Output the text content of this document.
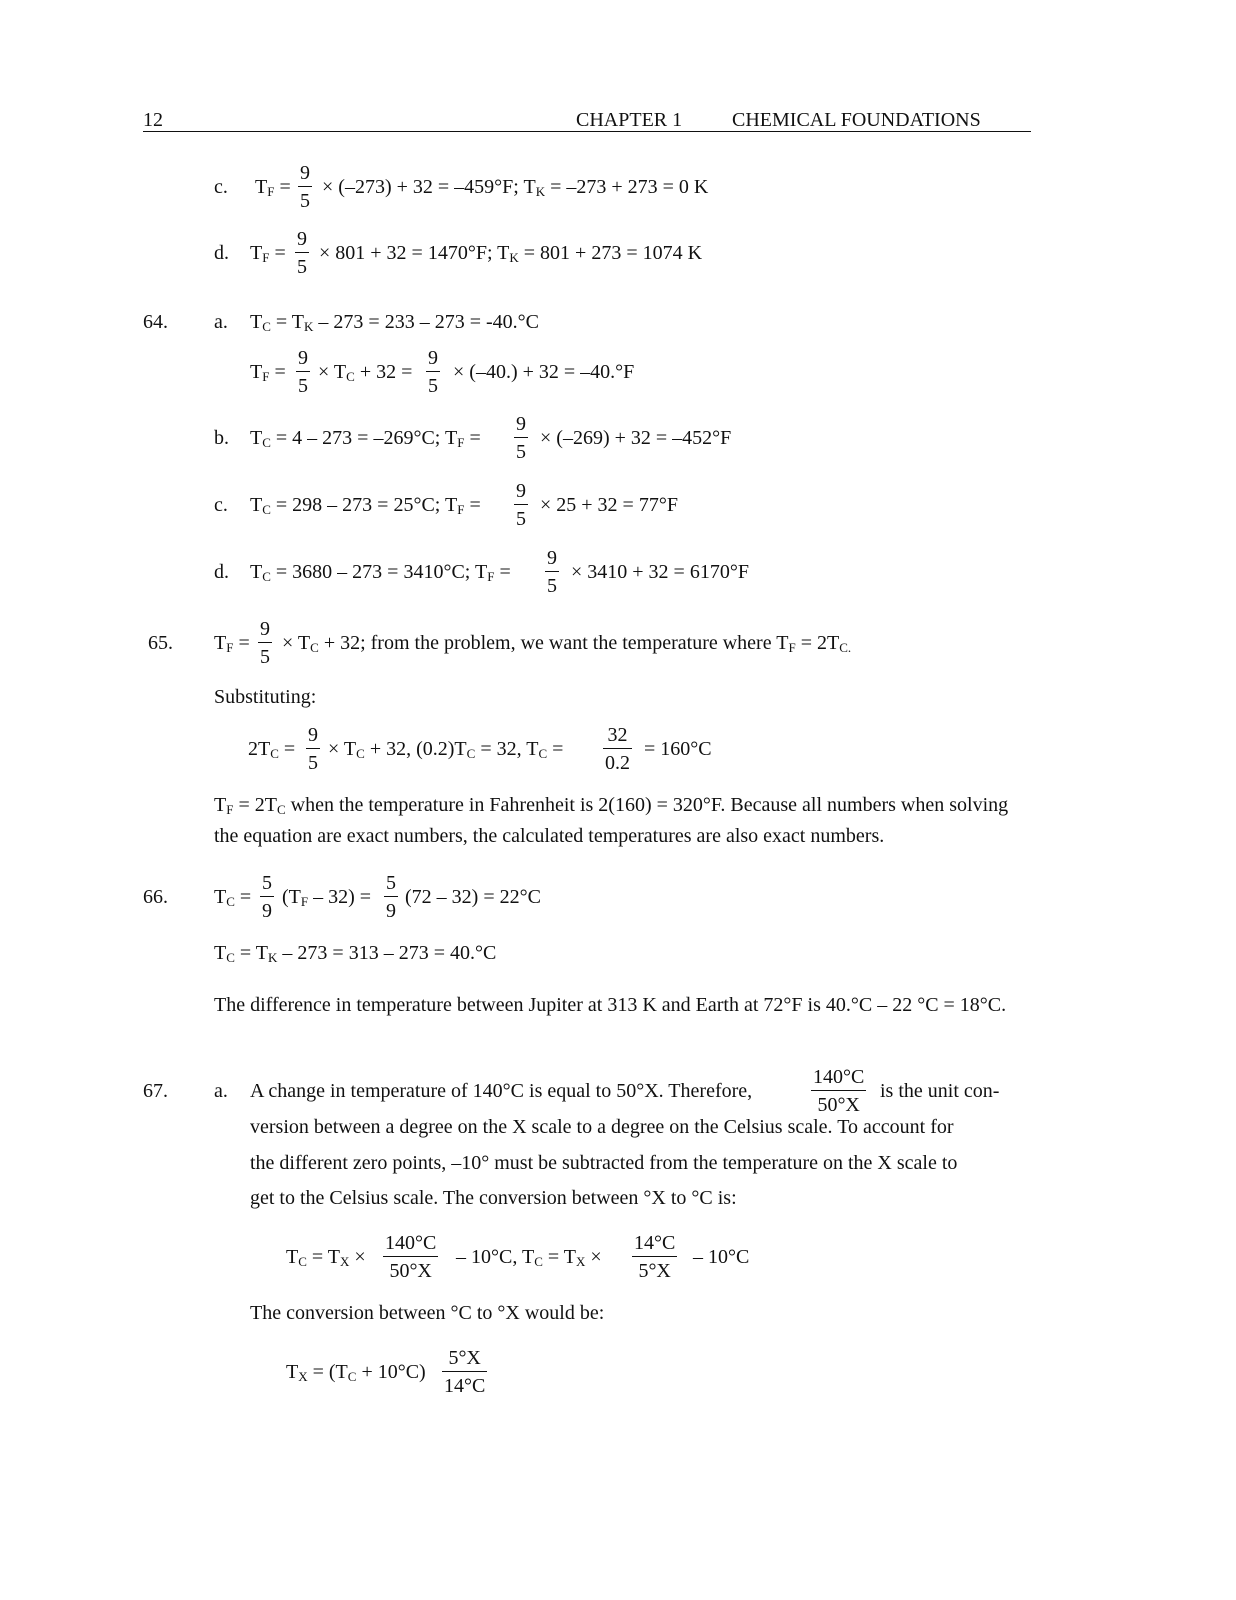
12	CHAPTER 1 CHEMICAL FOUNDATIONS
c. $T_F$ =
9
5
× (–273) + 32 = –459°F; $T_K = -273 + 273 = 0$ K
d. $T_F$ =
9
5
× 801 + 32 = 1470°F; $T_K = 801 + 273 = 1074$ K
64. a. $T_C = T_K - 273 = 233 - 273 = -40.^\circ C$
$T_F$ =
9
5
× $T_C + 32$ =
9
5
× (–40.) + 32 = –40.°F
b. $T_C = 4 - 273 = -269^\circ C$; $T_F$ =
9
5
× (–269) + 32 = –452°F
c. $T_C = 298 - 273 = 25^\circ C$; $T_F$ =
9
5
× 25 + 32 = 77°F
d. $T_C = 3680 - 273 = 3410^\circ C$; $T_F$ =
9
5
× 3410 + 32 = 6170°F
65. $T_F$ =
9
5
× $T_C + 32$; from the problem, we want the temperature where $T_F = 2T_{C.}$
Substituting:
$2T_C$ =
9
5
× $T_C + 32$, $(0.2)T_C = 32$, $T_C$ =
32
0.2
= 160°C
$T_F = 2T_C$ when the temperature in Fahrenheit is 2(160) = 320°F. Because all numbers when solving the equation are exact numbers, the calculated temperatures are also exact numbers.
66. $T_C$ =
5
9
$(T_F - 32)$ =
5
9
(72 – 32) = 22°C
$T_C = T_K - 273 = 313 - 273 = 40.^\circ C$
The difference in temperature between Jupiter at 313 K and Earth at 72°F is 40.°C – 22 °C = 18°C.
67. a. A change in temperature of 140°C is equal to 50°X. Therefore,
140°C
50°X
is the unit con-
version between a degree on the X scale to a degree on the Celsius scale. To account for
the different zero points, –10° must be subtracted from the temperature on the X scale to
get to the Celsius scale. The conversion between °X to °C is:
$T_C = T_X$ ×
140°C
50°X
– 10°C, $T_C = T_X$ ×
14°C
5°X
– 10°C
The conversion between °C to °X would be:
$T_X = (T_C + 10^\circ C)$
5°X
14°C
